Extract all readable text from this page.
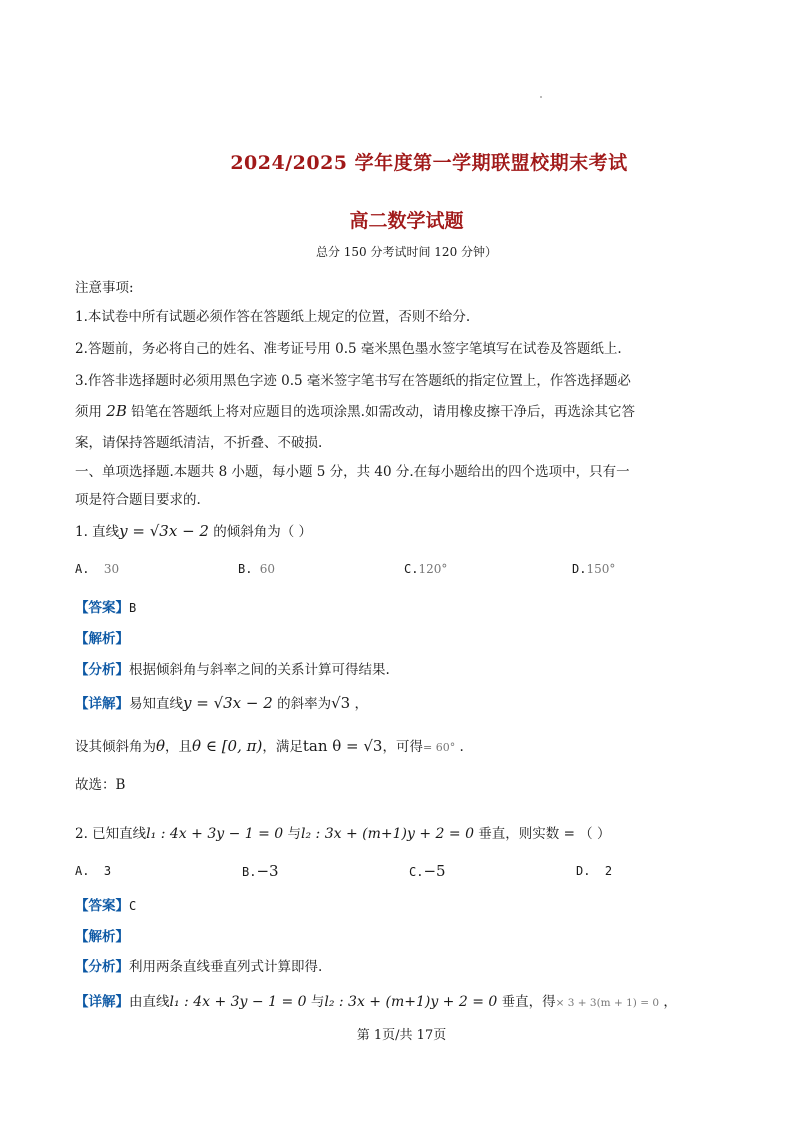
2024/2025 学年度第一学期联盟校期末考试
高二数学试题
总分 150 分考试时间 120 分钟）
注意事项:
1.本试卷中所有试题必须作答在答题纸上规定的位置，否则不给分.
2.答题前，务必将自己的姓名、准考证号用 0.5 毫米黑色墨水签字笔填写在试卷及答题纸上.
3.作答非选择题时必须用黑色字迹 0.5 毫米签字笔书写在答题纸的指定位置上，作答选择题必
须用 2B 铅笔在答题纸上将对应题目的选项涂黑.如需改动，请用橡皮擦干净后，再选涂其它答
案，请保持答题纸清洁，不折叠、不破损.
一、单项选择题.本题共 8 小题，每小题 5 分，共 40 分.在每小题给出的四个选项中，只有一
项是符合题目要求的.
1. 直线y = √3x − 2 的倾斜角为（ ）
A. 30	B. 60	C.120°	D.150°
【答案】B
【解析】
【分析】根据倾斜角与斜率之间的关系计算可得结果.
【详解】易知直线y = √3x − 2 的斜率为√3 ，
设其倾斜角为θ，且θ ∈ [0, π)，满足tan θ = √3，可得= 60° .
故选：B
2. 已知直线l₁ : 4x + 3y − 1 = 0 与l₂ : 3x + (m+1)y + 2 = 0 垂直，则实数 = （ ）
A. 3	B.−3	C.−5	D. 2
【答案】C
【解析】
【分析】利用两条直线垂直列式计算即得.
【详解】由直线l₁ : 4x + 3y − 1 = 0 与l₂ : 3x + (m+1)y + 2 = 0 垂直，得× 3 + 3(m + 1) = 0 ，
第 1页/共 17页
